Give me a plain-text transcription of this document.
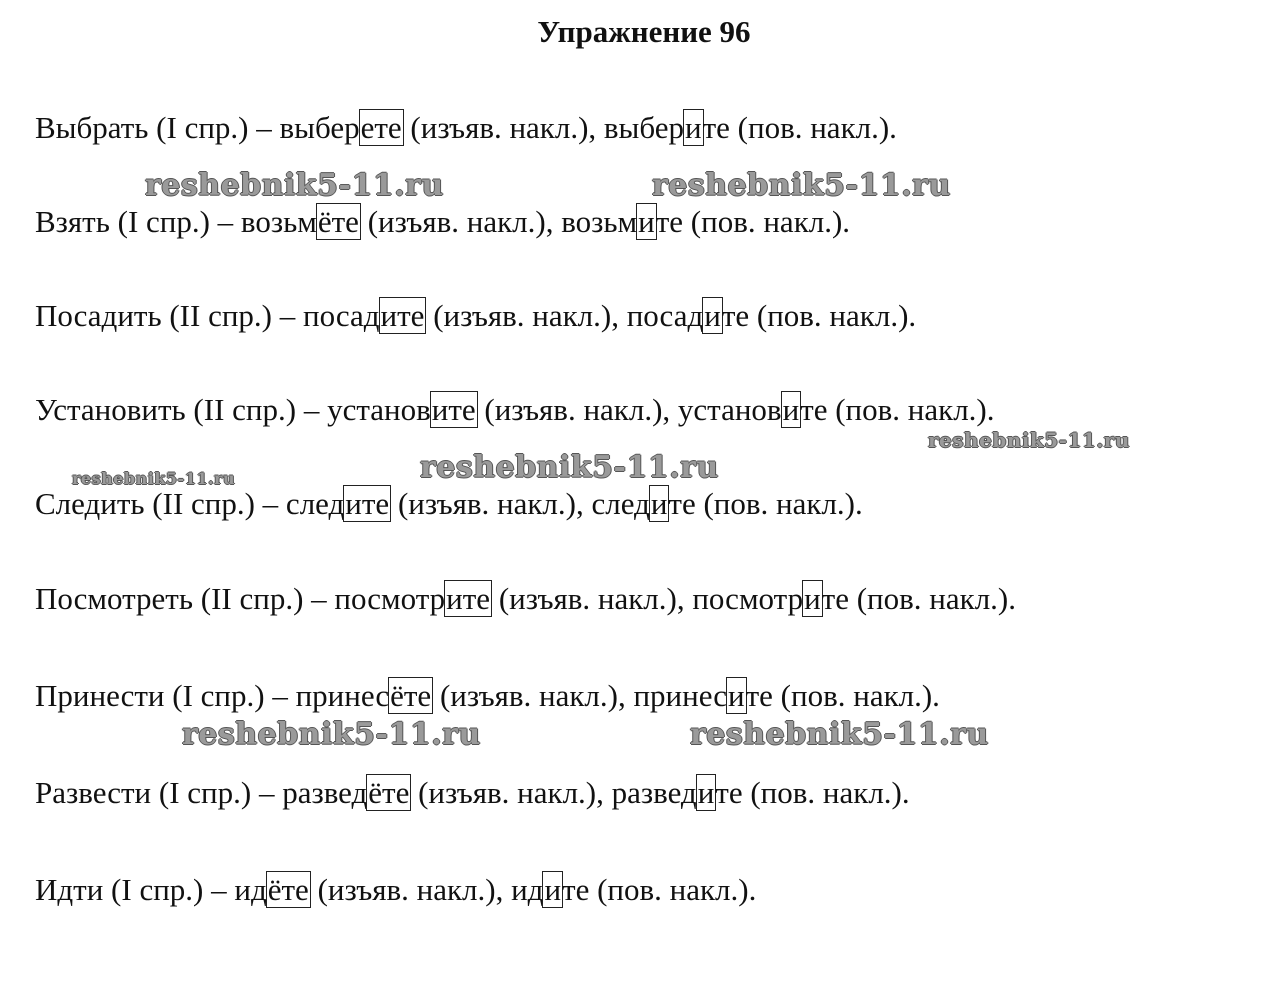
Упражнение 96
Выбрать (I спр.) – выберете (изъяв. накл.), выберите (пов. накл.).
Взять (I спр.) – возьмёте (изъяв. накл.), возьмите (пов. накл.).
Посадить (II спр.) – посадите (изъяв. накл.), посадите (пов. накл.).
Установить (II спр.) – установите (изъяв. накл.), установите (пов. накл.).
Следить (II спр.) – следите (изъяв. накл.), следите (пов. накл.).
Посмотреть (II спр.) – посмотрите (изъяв. накл.), посмотрите (пов. накл.).
Принести (I спр.) – принесёте (изъяв. накл.), принесите (пов. накл.).
Развести (I спр.) – разведёте (изъяв. накл.), разведите (пов. накл.).
Идти (I спр.) – идёте (изъяв. накл.), идите (пов. накл.).
reshebnik5-11.ru	reshebnik5-11.ru
reshebnik5-11.ru
reshebnik5-11.ru	reshebnik5-11.ru
reshebnik5-11.ru	reshebnik5-11.ru
